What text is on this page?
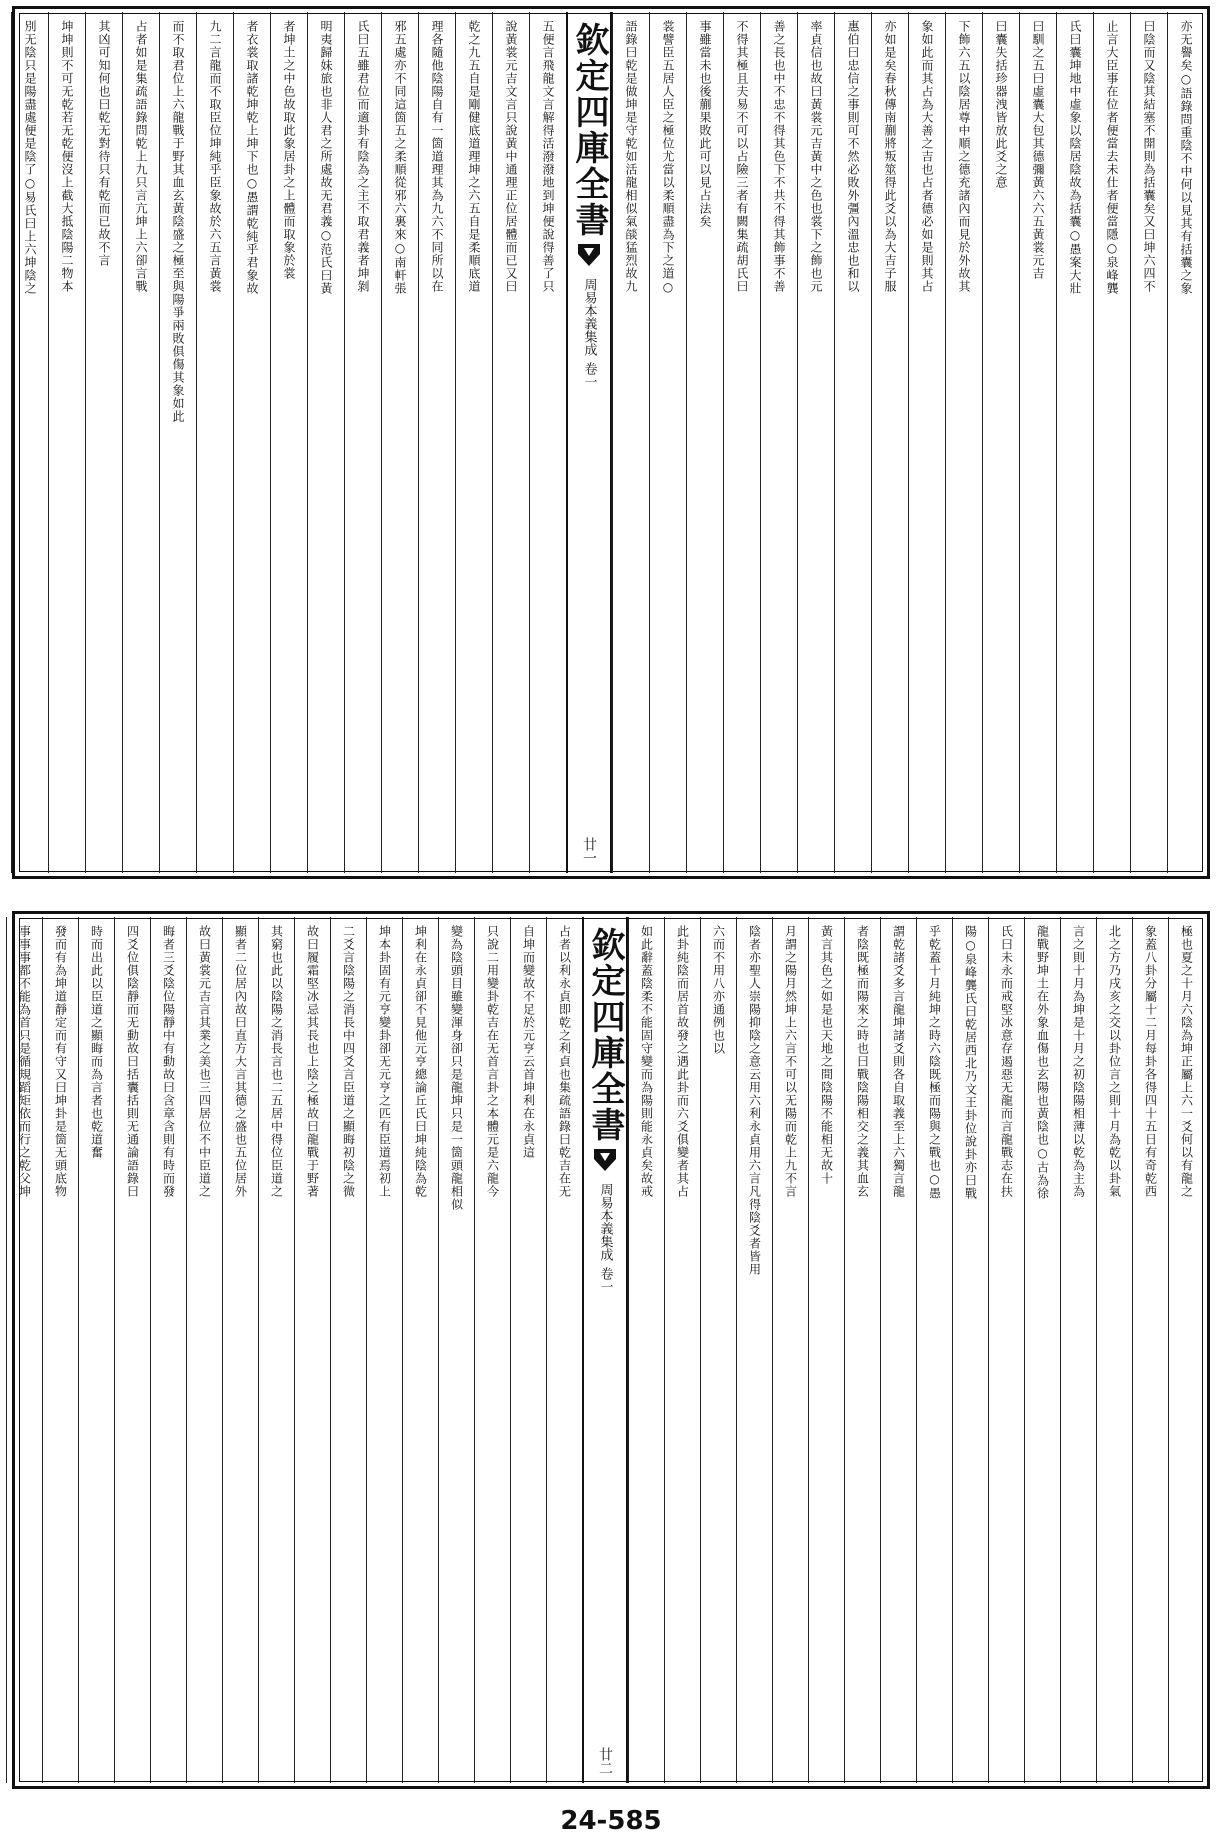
亦无譽矣○語錄問重陰不中何以見其有括囊之象
曰陰而又陰其結塞不開則為括囊矣又曰坤六四不
止言大臣事在位者便當去未仕者便當隱○泉峰龔
氏曰囊坤地中虛象以陰居陰故為括囊○愚案大壯
曰馴之五曰虛囊大包其德彌黃六六五黃裳元吉
曰囊失括珍器洩皆放此爻之意
下飾六五以陰居尊中順之德充諸內而見於外故其
象如此而其占為大善之吉也占者德必如是則其占
亦如是矣春秋傳南蒯將叛筮得此爻以為大吉子服
惠伯曰忠信之事則可不然必敗外彊內溫忠也和以
率貞信也故曰黃裳元吉黃中之色也裳下之飾也元
善之長也中不忠不得其色下不共不得其飾事不善
不得其極且夫易不可以占險三者有闕集疏胡氏曰
事雖當未也後蒯果敗此可以見占法矣
裳譬臣五居人臣之極位尤當以柔順盡為下之道○
語錄曰乾是做坤是守乾如活龍相似氣燄猛烈故九
欽定四庫全書
周易本義集成
卷一
廿一
五便言飛龍文言解得活潑潑地到坤便說得善了只
說黃裳元吉文言只說黃中通理正位居體而已又曰
乾之九五自是剛健底道理坤之六五自是柔順底道
理各隨他陰陽自有一箇道理其為九六不同所以在
邪五處亦不同這箇五之柔順從邪六裏來○南軒張
氏曰五雖君位而適卦有陰為之主不取君義者坤剝
明夷歸妹旅也非人君之所處故无君義○范氏曰黃
者坤土之中色故取此象居卦之上體而取象於裳
者衣裳取諸乾坤乾上坤下也○愚謂乾純乎君象故
九二言龍而不取臣位坤純乎臣象故於六五言黃裳
而不取君位上六龍戰于野其血玄黃陰盛之極至與陽爭兩敗俱傷其象如此
占者如是集疏語錄問乾上九只言亢坤上六卻言戰
其凶可知何也曰乾无對待只有乾而已故不言
坤坤則不可无乾若无乾便沒上截大抵陰陽二物本
別无陰只是陽盡處便是陰了○易氏曰上六坤陰之
極也夏之十月六陰為坤正屬上六一爻何以有龍之
象蓋八卦分屬十二月每卦各得四十五日有奇乾西
北之方乃戌亥之交以卦位言之則十月為乾以卦氣
言之則十月為坤是十月之初陰陽相薄以乾為主為
龍戰野坤土在外象血傷也玄陽也黃陰也○古為徐
氏曰未永而戒堅冰意存遏惡无龍而言龍戰志在扶
陽○泉峰龔氏曰乾居西北乃文王卦位說卦亦曰戰
乎乾蓋十月純坤之時六陰既極而陽與之戰也○愚
謂乾諸爻多言龍坤諸爻則各自取義至上六獨言龍
者陰既極而陽來之時也曰戰陰陽相交之義其血玄
黃言其色之如是也天地之間陰陽不能相无故十
月謂之陽月然坤上六言不可以无陽而乾上九不言
陰者亦聖人崇陽抑陰之意云用六利永貞用六言凡得陰爻者皆用
六而不用八亦通例也以
此卦純陰而居首故發之遇此卦而六爻俱變者其占
如此辭蓋陰柔不能固守變而為陽則能永貞矣故戒
欽定四庫全書
周易本義集成
卷一
廿二
占者以利永貞即乾之利貞也集疏語錄曰乾吉在无
自坤而變故不足於元亨云首坤利在永貞這
只說二用變卦乾吉在无首言卦之本體元是六龍今
變為陰頭目雖變渾身卻只是龍坤只是一箇頭龍相似
坤利在永貞卻不見他元亨總論丘氏曰坤純陰為乾
坤本卦固有元亨變卦卻无元亨之匹有臣道焉初上
二爻言陰陽之消長中四爻言臣道之顯晦初陰之微
故曰履霜堅冰忌其長也上陰之極故曰龍戰于野著
其窮也此以陰陽之消長言也二五居中得位臣道之
顯者二位居內故曰直方大言其德之盛也五位居外
故曰黃裳元吉言其業之美也三四居位不中臣道之
晦者三爻陰位陽靜中有動故曰含章含則有時而發
四爻位俱陰靜而无動故曰括囊括則无通論語錄曰
時而出此以臣道之顯晦而為言者也乾道奮
發而有為坤道靜定而有守又曰坤卦是箇无頭底物
事事事都不能為首只是循規蹈矩依而行之乾父坤
24-585
